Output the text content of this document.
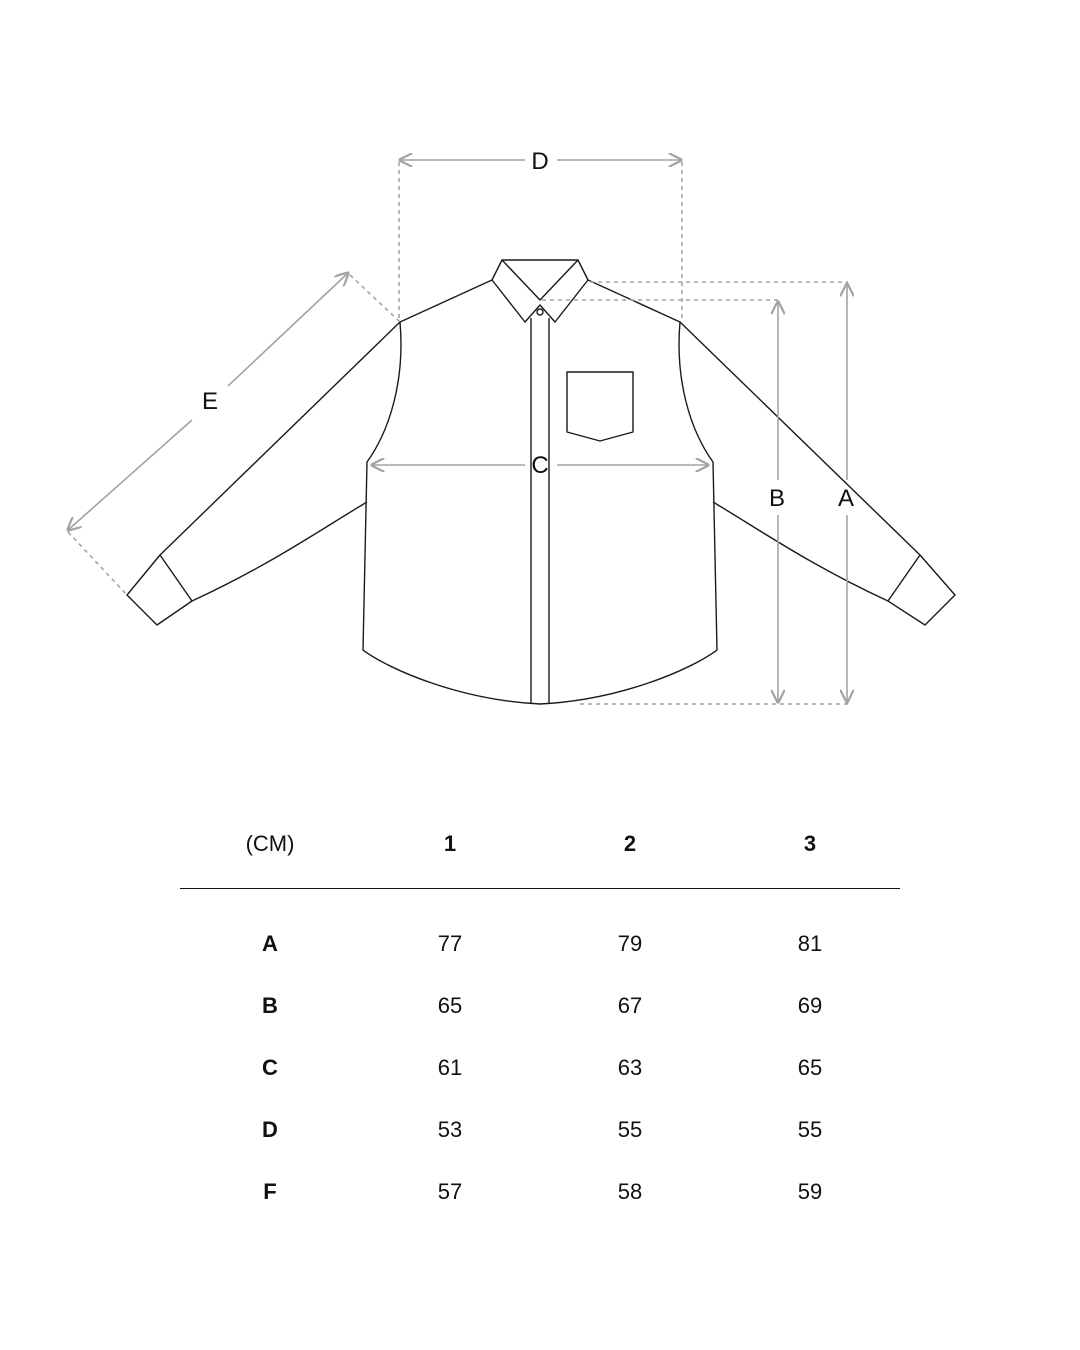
D
C
B A
E
(CM)	1	2	3
A	77	79	81
B	65	67	69
C	61	63	65
D	53	55	55
F	57	58	59
